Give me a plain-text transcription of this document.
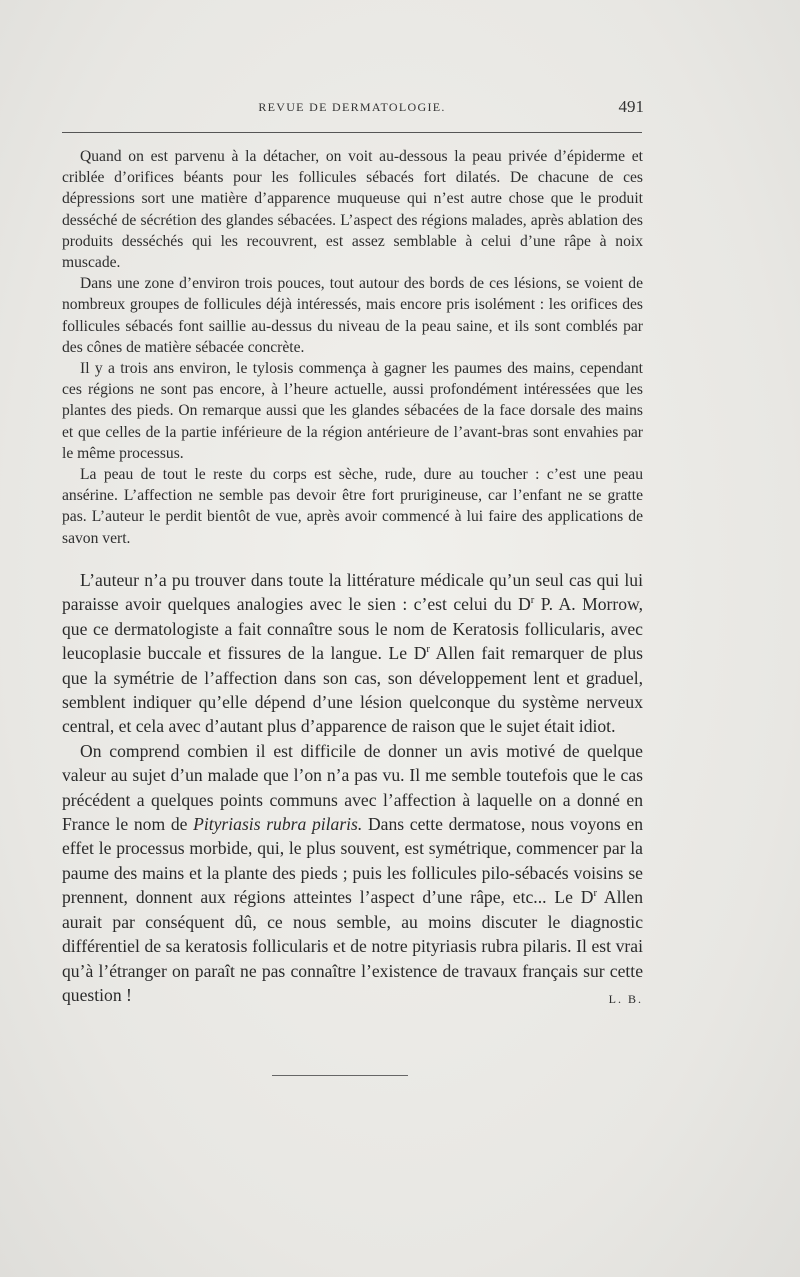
REVUE DE DERMATOLOGIE.	491

Quand on est parvenu à la détacher, on voit au-dessous la peau privée d’épiderme et criblée d’orifices béants pour les follicules sébacés fort dilatés. De chacune de ces dépressions sort une matière d’apparence muqueuse qui n’est autre chose que le produit desséché de sécrétion des glandes sébacées. L’aspect des régions malades, après ablation des produits desséchés qui les recouvrent, est assez semblable à celui d’une râpe à noix muscade.

Dans une zone d’environ trois pouces, tout autour des bords de ces lésions, se voient de nombreux groupes de follicules déjà intéressés, mais encore pris isolément : les orifices des follicules sébacés font saillie au-dessus du niveau de la peau saine, et ils sont comblés par des cônes de matière sébacée concrète.

Il y a trois ans environ, le tylosis commença à gagner les paumes des mains, cependant ces régions ne sont pas encore, à l’heure actuelle, aussi profondément intéressées que les plantes des pieds. On remarque aussi que les glandes sébacées de la face dorsale des mains et que celles de la partie inférieure de la région antérieure de l’avant-bras sont envahies par le même processus.

La peau de tout le reste du corps est sèche, rude, dure au toucher : c’est une peau ansérine. L’affection ne semble pas devoir être fort prurigineuse, car l’enfant ne se gratte pas. L’auteur le perdit bientôt de vue, après avoir commencé à lui faire des applications de savon vert.

L’auteur n’a pu trouver dans toute la littérature médicale qu’un seul cas qui lui paraisse avoir quelques analogies avec le sien : c’est celui du $D^r$ P. A. Morrow, que ce dermatologiste a fait connaître sous le nom de Keratosis follicularis, avec leucoplasie buccale et fissures de la langue. Le $D^r$ Allen fait remarquer de plus que la symétrie de l’affection dans son cas, son développement lent et graduel, semblent indiquer qu’elle dépend d’une lésion quelconque du système nerveux central, et cela avec d’autant plus d’apparence de raison que le sujet était idiot.

On comprend combien il est difficile de donner un avis motivé de quelque valeur au sujet d’un malade que l’on n’a pas vu. Il me semble toutefois que le cas précédent a quelques points communs avec l’affection à laquelle on a donné en France le nom de Pityriasis rubra pilaris. Dans cette dermatose, nous voyons en effet le processus morbide, qui, le plus souvent, est symétrique, commencer par la paume des mains et la plante des pieds ; puis les follicules pilo-sébacés voisins se prennent, donnent aux régions atteintes l’aspect d’une râpe, etc... Le $D^r$ Allen aurait par conséquent dû, ce nous semble, au moins discuter le diagnostic différentiel de sa keratosis follicularis et de notre pityriasis rubra pilaris. Il est vrai qu’à l’étranger on paraît ne pas connaître l’existence de travaux français sur cette question !	L. B.
